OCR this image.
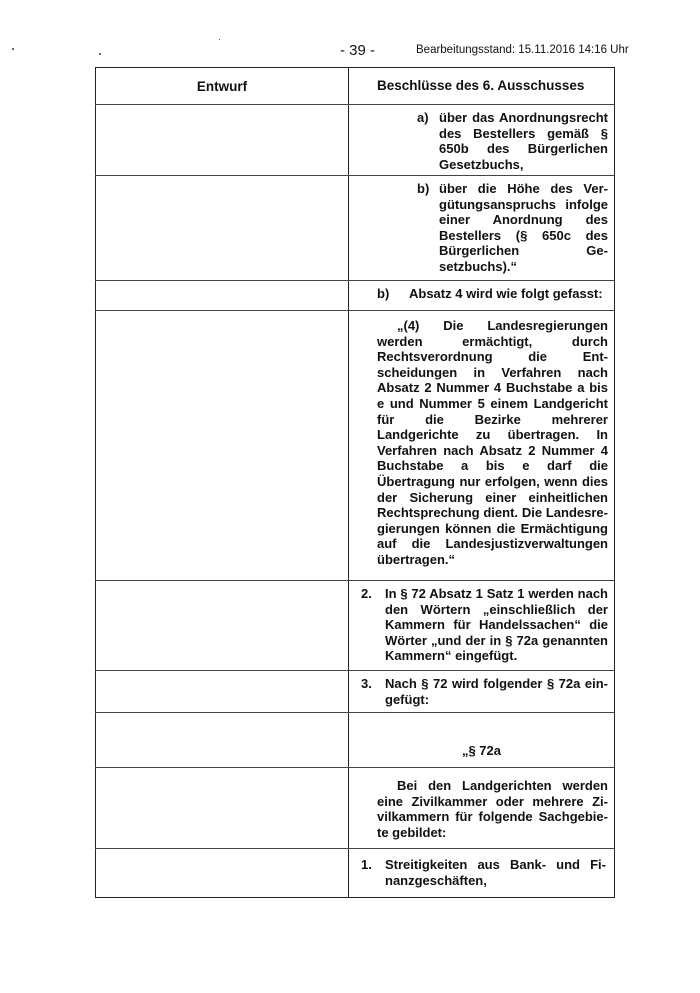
- 39 -	Bearbeitungsstand: 15.11.2016 14:16 Uhr
Entwurf	Beschlüsse des 6. Ausschusses
a) über das Anordnungsrecht des Bestellers gemäß § 650b des Bürgerlichen Gesetzbuchs,
b) über die Höhe des Vergütungsanspruchs infolge einer Anordnung des Bestellers (§ 650c des Bürgerlichen Gesetzbuchs).“
b)	Absatz 4 wird wie folgt gefasst:
„(4) Die Landesregierungen werden ermächtigt, durch Rechtsverordnung die Entscheidungen in Verfahren nach Absatz 2 Nummer 4 Buchstabe a bis e und Nummer 5 einem Landgericht für die Bezirke mehrerer Landgerichte zu übertragen. In Verfahren nach Absatz 2 Nummer 4 Buchstabe a bis e darf die Übertragung nur erfolgen, wenn dies der Sicherung einer einheitlichen Rechtsprechung dient. Die Landesregierungen können die Ermächtigung auf die Landesjustizverwaltungen übertragen.“
2.	In § 72 Absatz 1 Satz 1 werden nach den Wörtern „einschließlich der Kammern für Handelssachen“ die Wörter „und der in § 72a genannten Kammern“ eingefügt.
3.	Nach § 72 wird folgender § 72a eingefügt:
„§ 72a
Bei den Landgerichten werden eine Zivilkammer oder mehrere Zivilkammern für folgende Sachgebiete gebildet:
1.	Streitigkeiten aus Bank- und Finanzgeschäften,
